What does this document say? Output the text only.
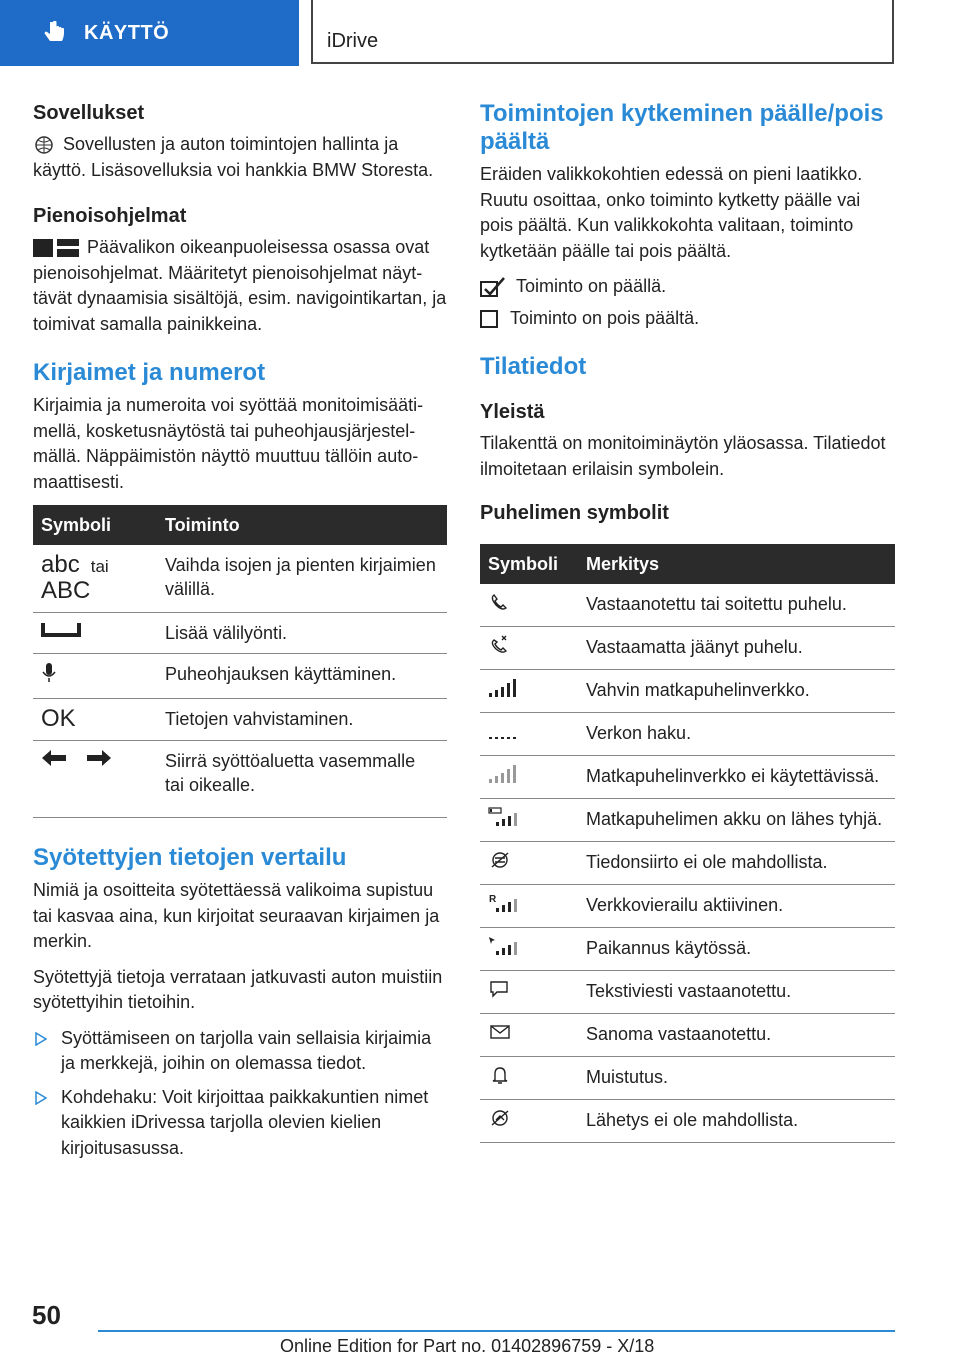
KÄYTTÖ	iDrive
Sovellukset

Sovellusten ja auton toimintojen hallinta ja käyttö. Lisäsovelluksia voi hankkia BMW Storesta.

Pienoisohjelmat

Päävalikon oikeanpuoleisessa osassa ovat pienoisohjelmat. Määritetyt pienoisohjelmat näyttävät dynaamisia sisältöjä, esim. navigointikartan, ja toimivat samalla painikkeina.

Kirjaimet ja numerot

Kirjaimia ja numeroita voi syöttää monitoimisäätimellä, kosketusnäytöstä tai puheohjausjärjestelmällä. Näppäimistön näyttö muuttuu tällöin automaattisesti.

Symboli	Toiminto
abc tai
ABC	Vaihda isojen ja pienten kirjaimien välillä.
	Lisää välilyönti.
	Puheohjauksen käyttäminen.
OK	Tietojen vahvistaminen.
	Siirrä syöttöaluetta vasemmalle tai oikealle.
Syötettyjen tietojen vertailu

Nimiä ja osoitteita syötettäessä valikoima supistuu tai kasvaa aina, kun kirjoitat seuraavan kirjaimen ja merkin.

Syötettyjä tietoja verrataan jatkuvasti auton muistiin syötettyihin tietoihin.

Syöttämiseen on tarjolla vain sellaisia kirjaimia ja merkkejä, joihin on olemassa tiedot.
Kohdehaku: Voit kirjoittaa paikkakuntien nimet kaikkien iDrivessa tarjolla olevien kielien kirjoitusasussa.
Toimintojen kytkeminen päälle/pois päältä

Eräiden valikkokohtien edessä on pieni laatikko. Ruutu osoittaa, onko toiminto kytketty päälle vai pois päältä. Kun valikkokohta valitaan, toiminto kytketään päälle tai pois päältä.

Toiminto on päällä.

Toiminto on pois päältä.

Tilatiedot
Yleistä

Tilakenttä on monitoiminäytön yläosassa. Tilatiedot ilmoitetaan erilaisin symbolein.

Puhelimen symbolit
Symboli	Merkitys
	Vastaanotettu tai soitettu puhelu.
	Vastaamatta jäänyt puhelu.
	Vahvin matkapuhelinverkko.
	Verkon haku.
	Matkapuhelinverkko ei käytettävissä.
	Matkapuhelimen akku on lähes tyhjä.
	Tiedonsiirto ei ole mahdollista.

R	Verkkovierailu aktiivinen.
	Paikannus käytössä.
	Tekstiviesti vastaanotettu.
	Sanoma vastaanotettu.
	Muistutus.
	Lähetys ei ole mahdollista.
50
Online Edition for Part no. 01402896759 - X/18
